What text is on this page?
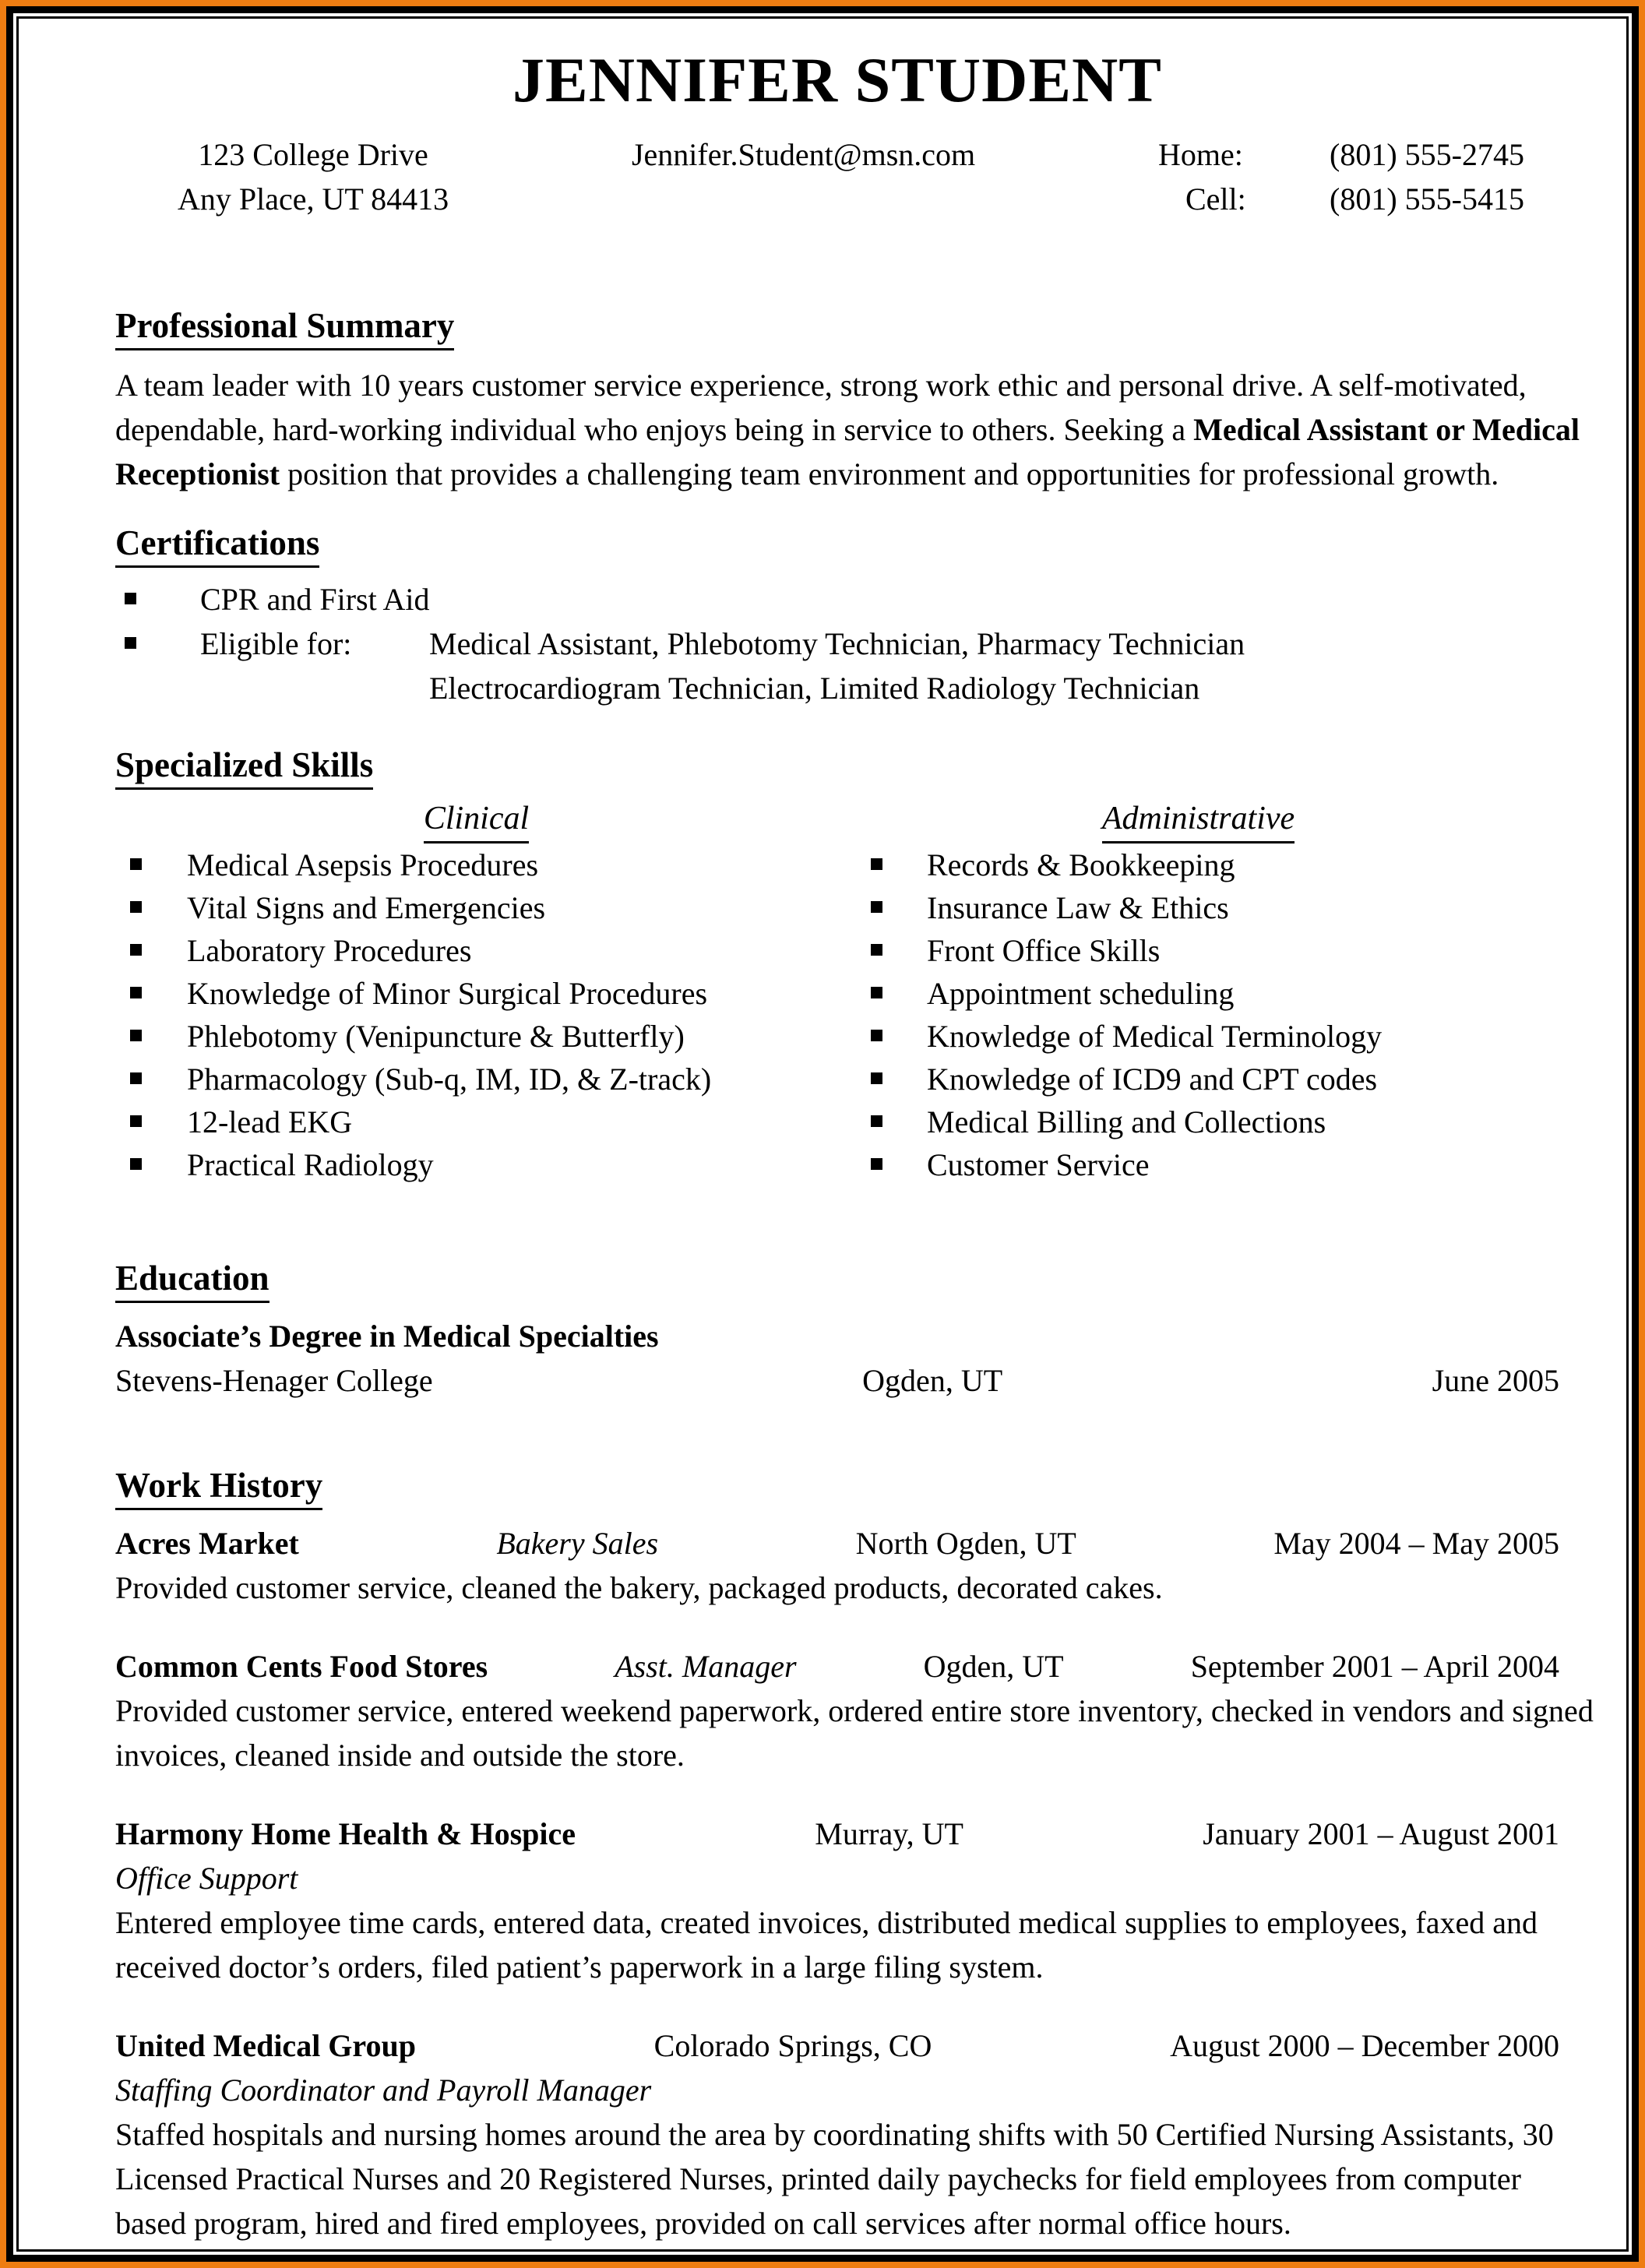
JENNIFER STUDENT
123 College Drive
Any Place, UT 84413
Jennifer.Student@msn.com	Home:	(801) 555-2745
Cell:	(801) 555-5415
Professional Summary
A team leader with 10 years customer service experience, strong work ethic and personal drive. A self-motivated, dependable, hard-working individual who enjoys being in service to others. Seeking a Medical Assistant or Medical Receptionist position that provides a challenging team environment and opportunities for professional growth.
Certifications
CPR and First Aid
Eligible for:	Medical Assistant, Phlebotomy Technician, Pharmacy Technician
Electrocardiogram Technician, Limited Radiology Technician
Specialized Skills
Clinical
Medical Asepsis Procedures
Vital Signs and Emergencies
Laboratory Procedures
Knowledge of Minor Surgical Procedures
Phlebotomy (Venipuncture & Butterfly)
Pharmacology (Sub-q, IM, ID, & Z-track)
12-lead EKG
Practical Radiology
Administrative
Records & Bookkeeping
Insurance Law & Ethics
Front Office Skills
Appointment scheduling
Knowledge of Medical Terminology
Knowledge of ICD9 and CPT codes
Medical Billing and Collections
Customer Service
Education
Associate’s Degree in Medical Specialties
Stevens-Henager College	Ogden, UT	June 2005
Work History
Acres Market	Bakery Sales	North Ogden, UT	May 2004 – May 2005
Provided customer service, cleaned the bakery, packaged products, decorated cakes.
Common Cents Food Stores	Asst. Manager	Ogden, UT	September 2001 – April 2004
Provided customer service, entered weekend paperwork, ordered entire store inventory, checked in vendors and signed invoices, cleaned inside and outside the store.
Harmony Home Health & Hospice	Murray, UT	January 2001 – August 2001
Office Support
Entered employee time cards, entered data, created invoices, distributed medical supplies to employees, faxed and received doctor’s orders, filed patient’s paperwork in a large filing system.
United Medical Group	Colorado Springs, CO	August 2000 – December 2000
Staffing Coordinator and Payroll Manager
Staffed hospitals and nursing homes around the area by coordinating shifts with 50 Certified Nursing Assistants, 30 Licensed Practical Nurses and 20 Registered Nurses, printed daily paychecks for field employees from computer based program, hired and fired employees, provided on call services after normal office hours.
